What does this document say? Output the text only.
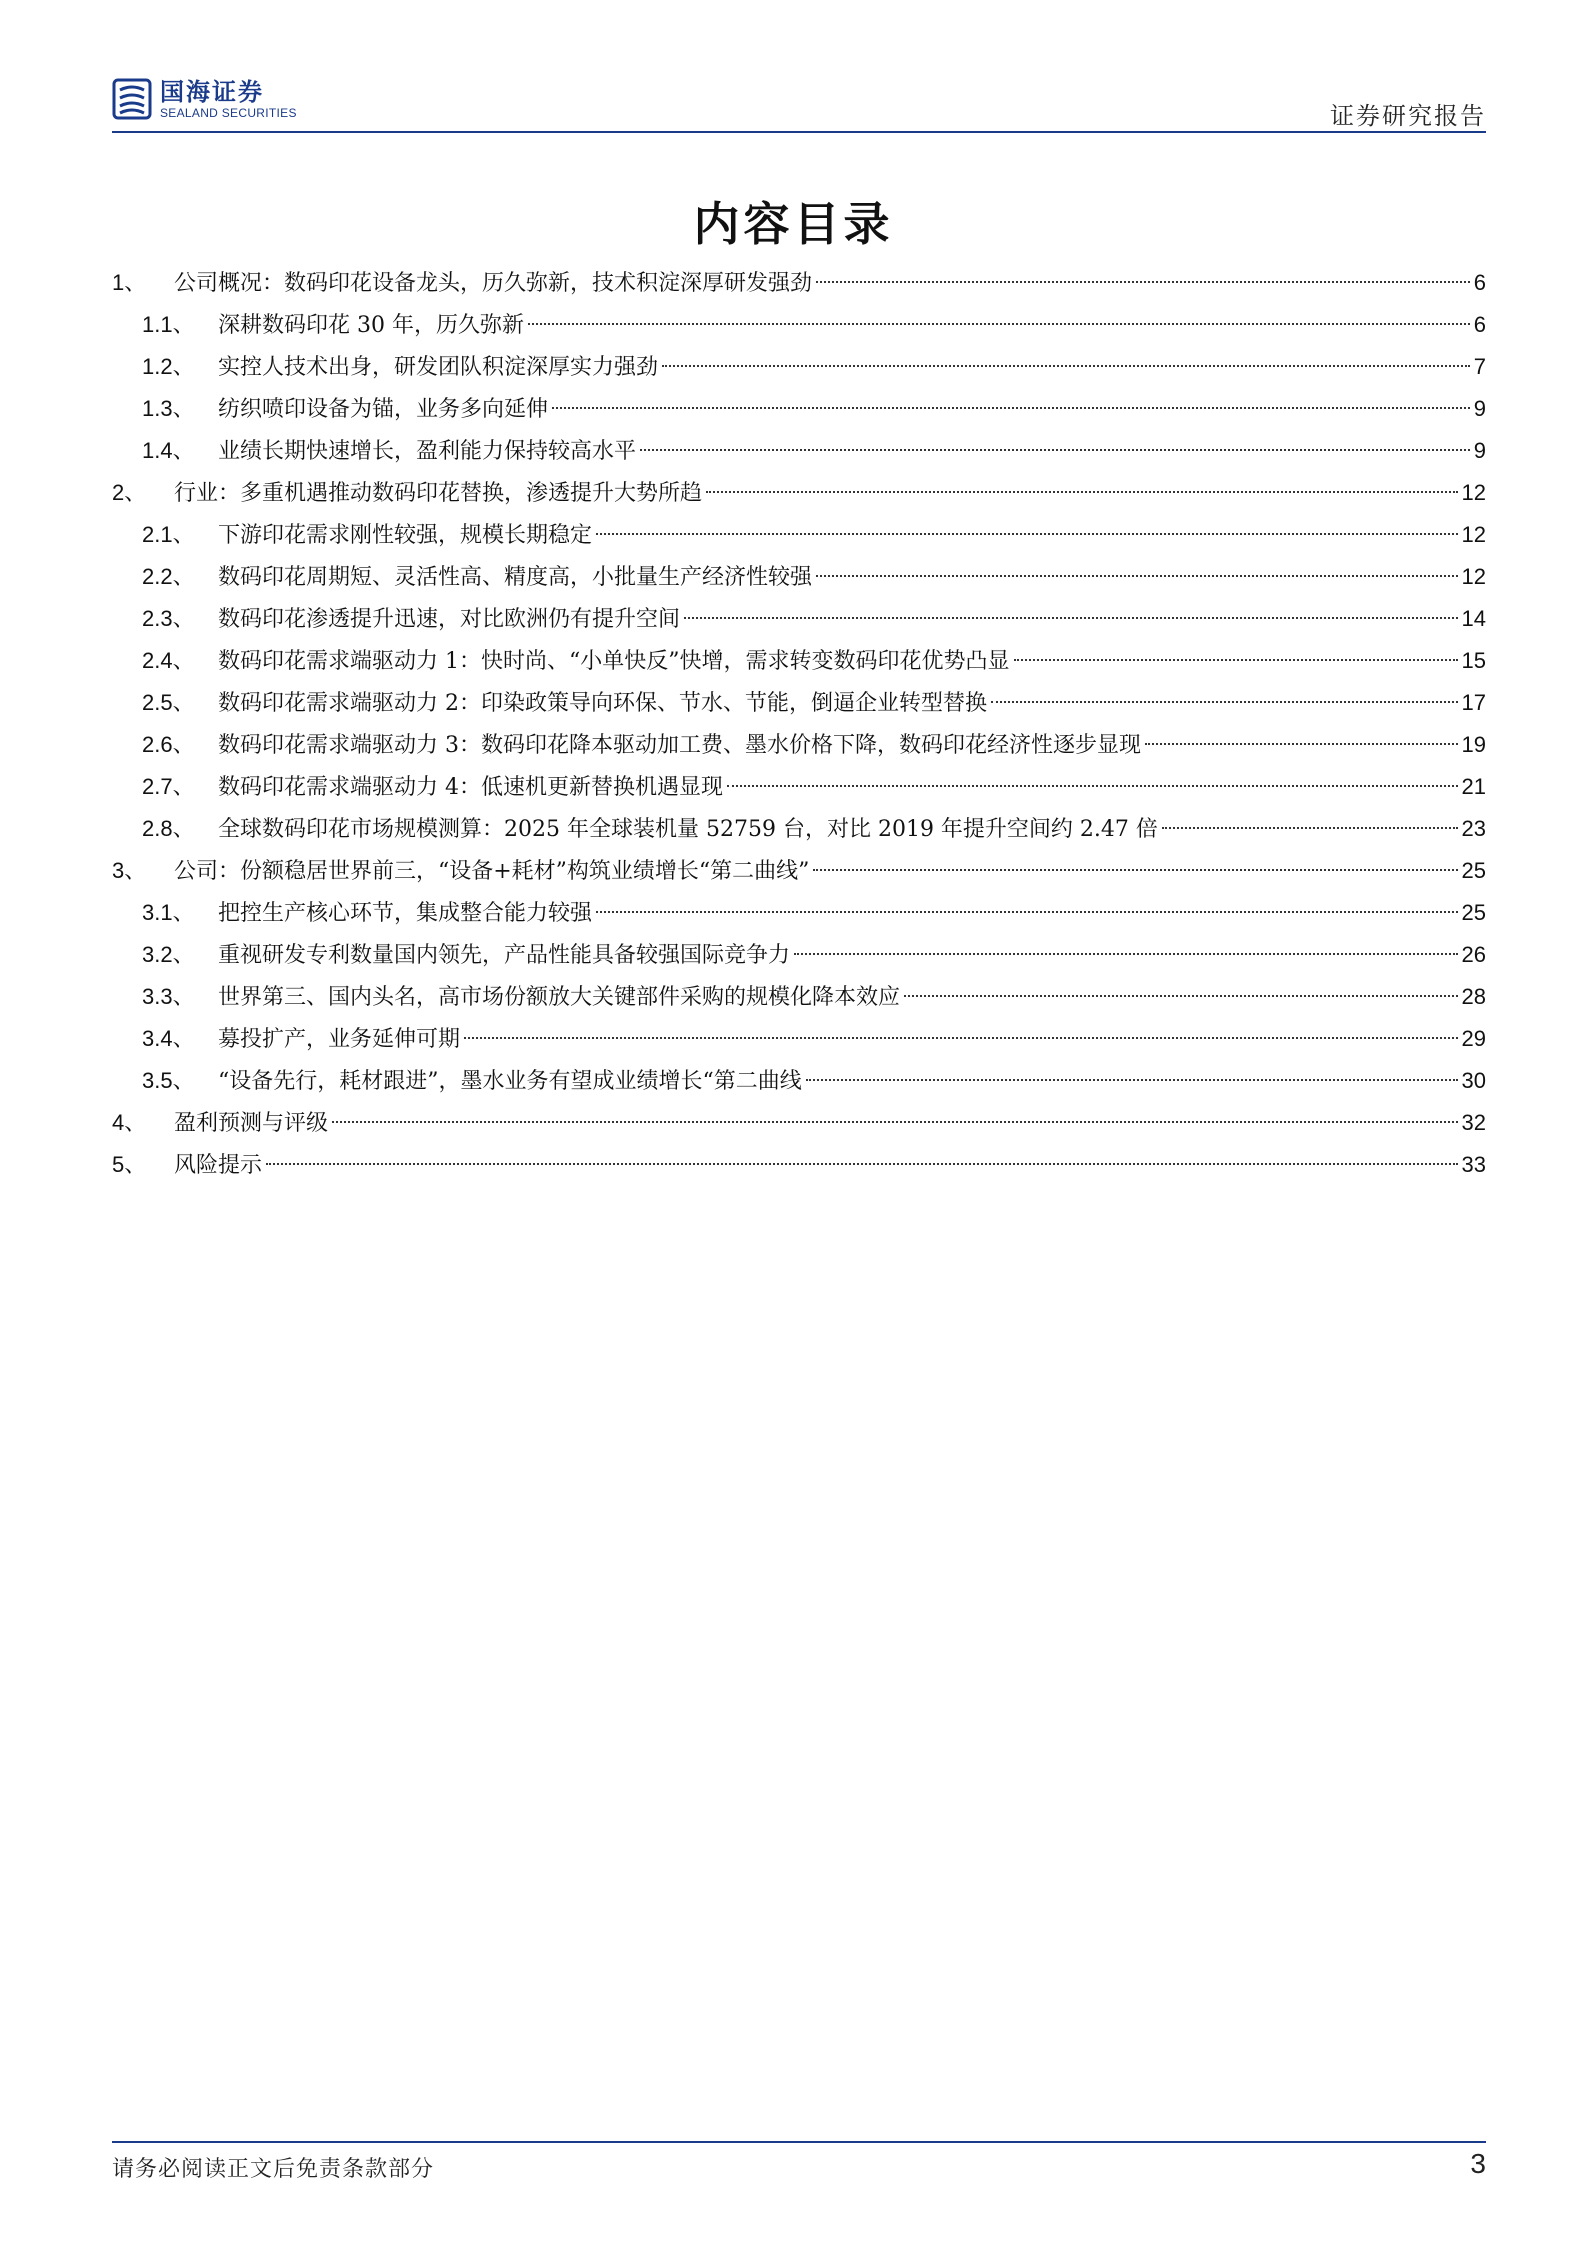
国海证券
SEALAND SECURITIES	证券研究报告
内容目录
1、	公司概况：数码印花设备龙头，历久弥新，技术积淀深厚研发强劲	6
1.1、	深耕数码印花 30 年，历久弥新	6
1.2、	实控人技术出身，研发团队积淀深厚实力强劲	7
1.3、	纺织喷印设备为锚，业务多向延伸	9
1.4、	业绩长期快速增长，盈利能力保持较高水平	9
2、	行业：多重机遇推动数码印花替换，渗透提升大势所趋	12
2.1、	下游印花需求刚性较强，规模长期稳定	12
2.2、	数码印花周期短、灵活性高、精度高，小批量生产经济性较强	12
2.3、	数码印花渗透提升迅速，对比欧洲仍有提升空间	14
2.4、	数码印花需求端驱动力 1：快时尚、“小单快反”快增，需求转变数码印花优势凸显	15
2.5、	数码印花需求端驱动力 2：印染政策导向环保、节水、节能，倒逼企业转型替换	17
2.6、	数码印花需求端驱动力 3：数码印花降本驱动加工费、墨水价格下降，数码印花经济性逐步显现	19
2.7、	数码印花需求端驱动力 4：低速机更新替换机遇显现	21
2.8、	全球数码印花市场规模测算：2025 年全球装机量 52759 台，对比 2019 年提升空间约 2.47 倍	23
3、	公司：份额稳居世界前三，“设备+耗材”构筑业绩增长“第二曲线”	25
3.1、	把控生产核心环节，集成整合能力较强	25
3.2、	重视研发专利数量国内领先，产品性能具备较强国际竞争力	26
3.3、	世界第三、国内头名，高市场份额放大关键部件采购的规模化降本效应	28
3.4、	募投扩产，业务延伸可期	29
3.5、	“设备先行，耗材跟进”，墨水业务有望成业绩增长“第二曲线	30
4、	盈利预测与评级	32
5、	风险提示	33
请务必阅读正文后免责条款部分	3
